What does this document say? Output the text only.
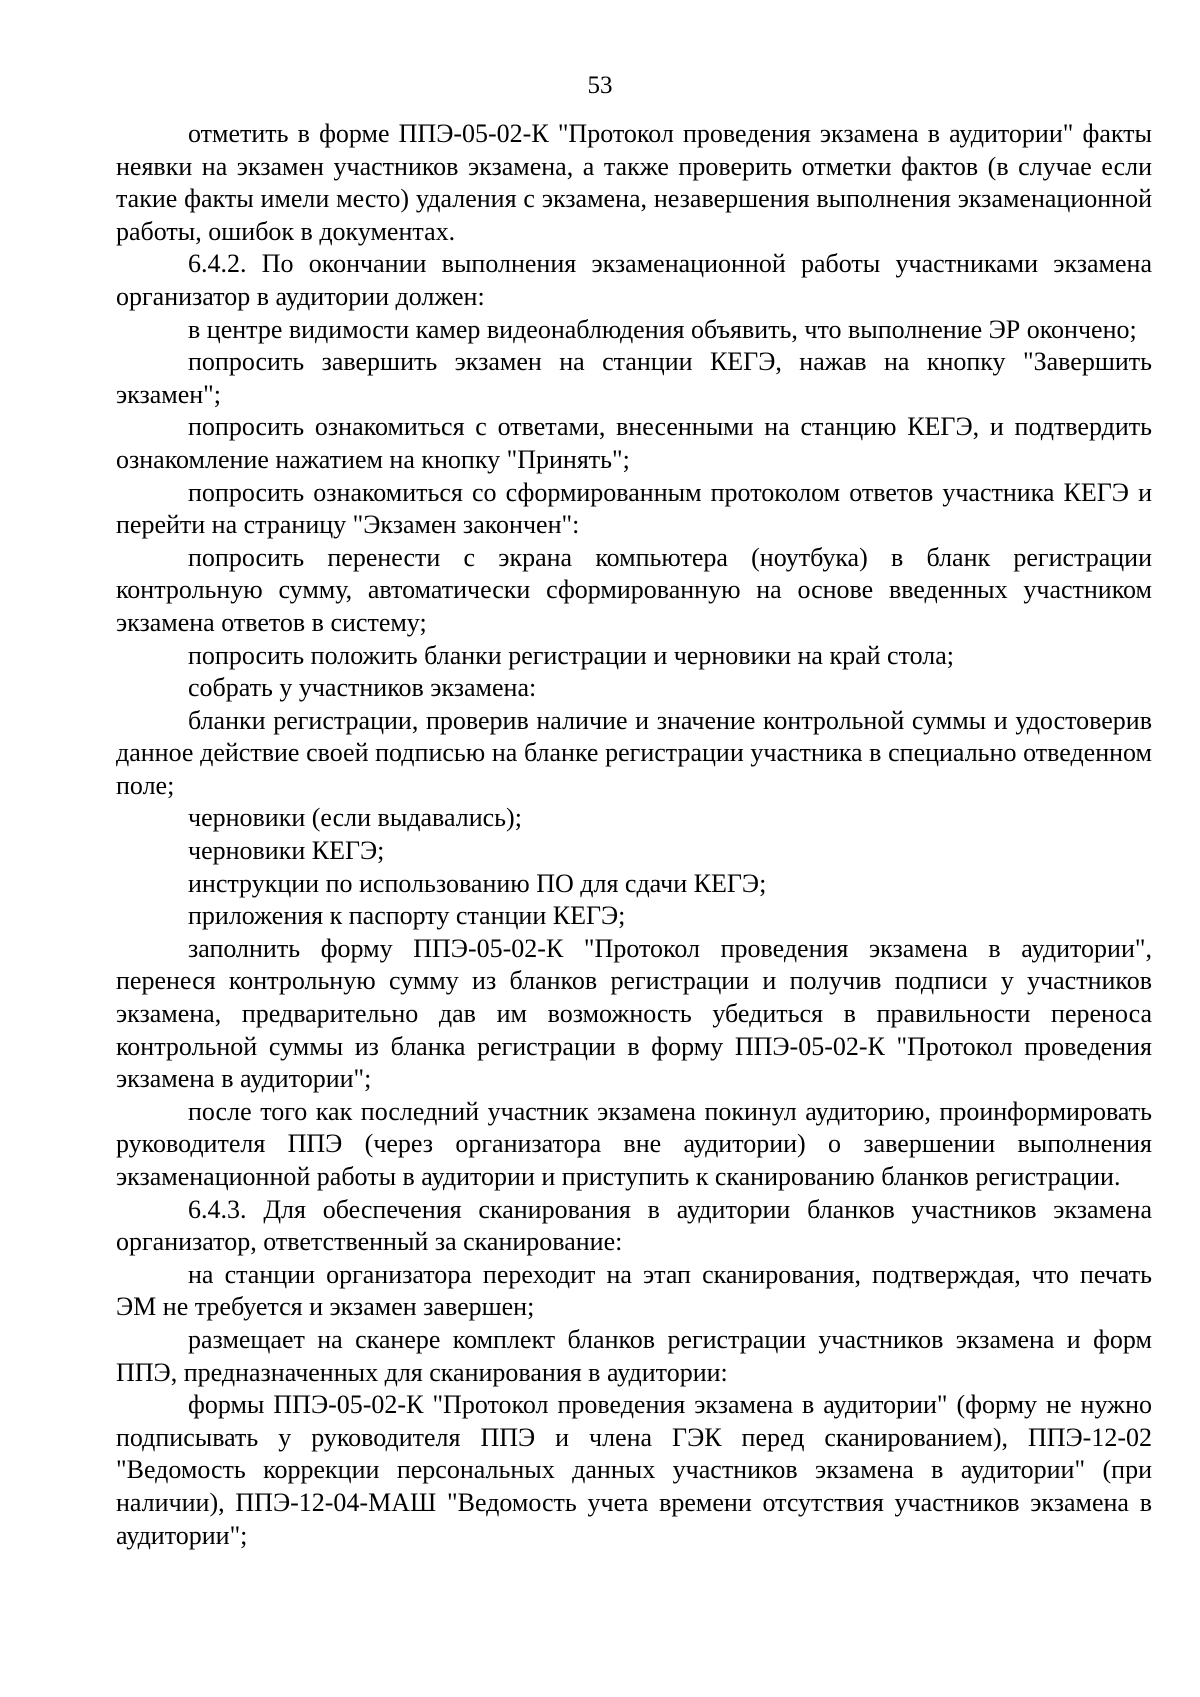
53

отметить в форме ППЭ-05-02-К "Протокол проведения экзамена в аудитории" факты неявки на экзамен участников экзамена, а также проверить отметки фактов (в случае если такие факты имели место) удаления с экзамена, незавершения выполнения экзаменационной работы, ошибок в документах.

6.4.2. По окончании выполнения экзаменационной работы участниками экзамена организатор в аудитории должен:

в центре видимости камер видеонаблюдения объявить, что выполнение ЭР окончено;

попросить завершить экзамен на станции КЕГЭ, нажав на кнопку "Завершить экзамен";

попросить ознакомиться с ответами, внесенными на станцию КЕГЭ, и подтвердить ознакомление нажатием на кнопку "Принять";

попросить ознакомиться со сформированным протоколом ответов участника КЕГЭ и перейти на страницу "Экзамен закончен":

попросить перенести с экрана компьютера (ноутбука) в бланк регистрации контрольную сумму, автоматически сформированную на основе введенных участником экзамена ответов в систему;

попросить положить бланки регистрации и черновики на край стола;

собрать у участников экзамена:

бланки регистрации, проверив наличие и значение контрольной суммы и удостоверив данное действие своей подписью на бланке регистрации участника в специально отведенном поле;

черновики (если выдавались);

черновики КЕГЭ;

инструкции по использованию ПО для сдачи КЕГЭ;

приложения к паспорту станции КЕГЭ;

заполнить форму ППЭ-05-02-К "Протокол проведения экзамена в аудитории", перенеся контрольную сумму из бланков регистрации и получив подписи у участников экзамена, предварительно дав им возможность убедиться в правильности переноса контрольной суммы из бланка регистрации в форму ППЭ-05-02-К "Протокол проведения экзамена в аудитории";

после того как последний участник экзамена покинул аудиторию, проинформировать руководителя ППЭ (через организатора вне аудитории) о завершении выполнения экзаменационной работы в аудитории и приступить к сканированию бланков регистрации.

6.4.3. Для обеспечения сканирования в аудитории бланков участников экзамена организатор, ответственный за сканирование:

на станции организатора переходит на этап сканирования, подтверждая, что печать ЭМ не требуется и экзамен завершен;

размещает на сканере комплект бланков регистрации участников экзамена и форм ППЭ, предназначенных для сканирования в аудитории:

формы ППЭ-05-02-К "Протокол проведения экзамена в аудитории" (форму не нужно подписывать у руководителя ППЭ и члена ГЭК перед сканированием), ППЭ-12-02 "Ведомость коррекции персональных данных участников экзамена в аудитории" (при наличии), ППЭ-12-04-МАШ "Ведомость учета времени отсутствия участников экзамена в аудитории";
